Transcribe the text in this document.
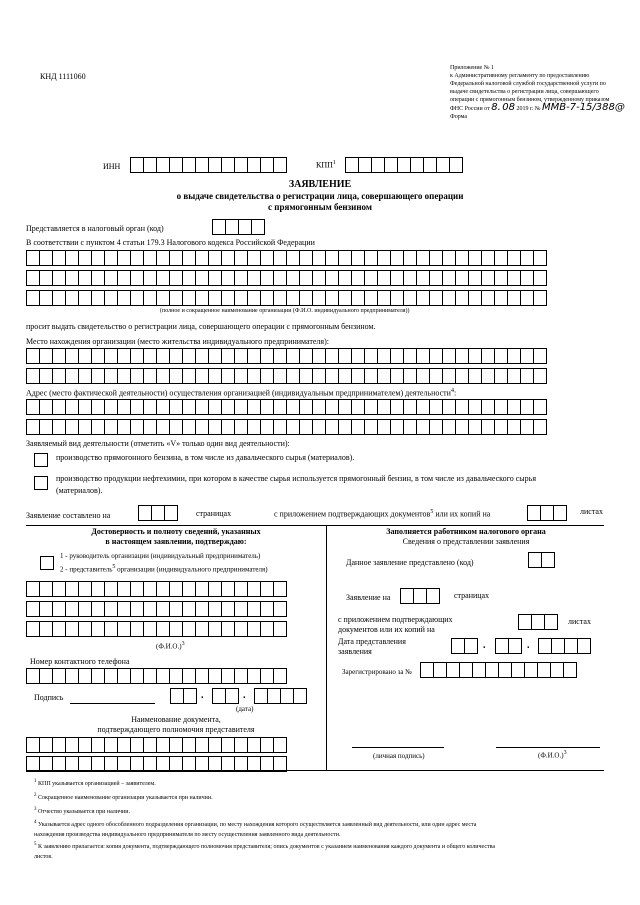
КНД 1111060
Приложение № 1
к Административному регламенту по предоставлению
Федеральной налоговой службой государственной услуги по
выдаче свидетельства о регистрации лица, совершающего
операции с прямогонным бензином, утвержденному приказом
ФНС России от 8. 08 2019 г. № ММВ-7-15/388@
Форма
ИНН	КПП$^1$
ЗАЯВЛЕНИЕ
о выдаче свидетельства о регистрации лица, совершающего операции
с прямогонным бензином
Представляется в налоговый орган (код)
В соответствии с пунктом 4 статьи 179.3 Налогового кодекса Российской Федерации
(полное и сокращенное наименование организации (Ф.И.О. индивидуального предпринимателя))
просит выдать свидетельство о регистрации лица, совершающего операции с прямогонным бензином.
Место нахождения организации (место жительства индивидуального предпринимателя):
Адрес (место фактической деятельности) осуществления организацией (индивидуальным предпринимателем) деятельности$^4$:
Заявляемый вид деятельности (отметить «V» только один вид деятельности):
производство прямогонного бензина, в том числе из давальческого сырья (материалов).
производство продукции нефтехимии, при котором в качестве сырья используется прямогонный бензин, в том числе из давальческого сырья
(материалов).
Заявление составлено на	страницах	с приложением подтверждающих документов$^5$ или их копий на	листах
Достоверность и полноту сведений, указанных
в настоящем заявлении, подтверждаю:
1 - руководитель организации (индивидуальный предприниматель)
2 - представитель$^5$ организации (индивидуального предпринимателя)
$(Ф.И.О.)^3$
Номер контактного телефона
Подпись	.	.
(дата)
Наименование документа,
подтверждающего полномочия представителя
Заполняется работником налогового органа
Сведения о представлении заявления
Данное заявление представлено (код)
Заявление на	страницах
с приложением подтверждающих
документов или их копий на
листах
Дата представления
заявления
.	.
Зарегистрировано за №
(личная подпись)	$(Ф.И.О.)^3$
$^1$ КПП указывается организацией – заявителем.
$^2$ Сокращенное наименование организации указывается при наличии.
$^3$ Отчество указывается при наличии.
$^4$ Указывается адрес одного обособленного подразделения организации, по месту нахождения которого осуществляется заявленный вид деятельности, или один адрес места
нахождения производства индивидуального предпринимателя по месту осуществления заявленного вида деятельности.
$^5$ К заявлению прилагается: копия документа, подтверждающего полномочия представителя; опись документов с указанием наименования каждого документа и общего количества
листов.
